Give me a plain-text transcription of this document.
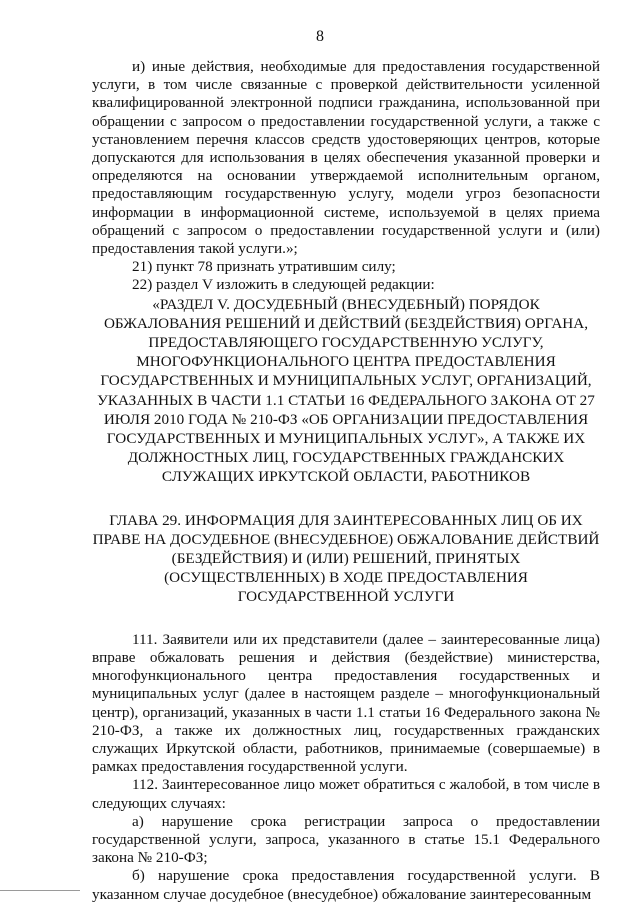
8

и) иные действия, необходимые для предоставления государственной услуги, в том числе связанные с проверкой действительности усиленной квалифицированной электронной подписи гражданина, использованной при обращении с запросом о предоставлении государственной услуги, а также с установлением перечня классов средств удостоверяющих центров, которые допускаются для использования в целях обеспечения указанной проверки и определяются на основании утверждаемой исполнительным органом, предоставляющим государственную услугу, модели угроз безопасности информации в информационной системе, используемой в целях приема обращений с запросом о предоставлении государственной услуги и (или) предоставления такой услуги.»;

21) пункт 78 признать утратившим силу;

22) раздел V изложить в следующей редакции:

«РАЗДЕЛ V. ДОСУДЕБНЫЙ (ВНЕСУДЕБНЫЙ) ПОРЯДОК ОБЖАЛОВАНИЯ РЕШЕНИЙ И ДЕЙСТВИЙ (БЕЗДЕЙСТВИЯ) ОРГАНА, ПРЕДОСТАВЛЯЮЩЕГО ГОСУДАРСТВЕННУЮ УСЛУГУ, МНОГОФУНКЦИОНАЛЬНОГО ЦЕНТРА ПРЕДОСТАВЛЕНИЯ ГОСУДАРСТВЕННЫХ И МУНИЦИПАЛЬНЫХ УСЛУГ, ОРГАНИЗАЦИЙ, УКАЗАННЫХ В ЧАСТИ 1.1 СТАТЬИ 16 ФЕДЕРАЛЬНОГО ЗАКОНА ОТ 27 ИЮЛЯ 2010 ГОДА № 210-ФЗ «ОБ ОРГАНИЗАЦИИ ПРЕДОСТАВЛЕНИЯ ГОСУДАРСТВЕННЫХ И МУНИЦИПАЛЬНЫХ УСЛУГ», А ТАКЖЕ ИХ ДОЛЖНОСТНЫХ ЛИЦ, ГОСУДАРСТВЕННЫХ ГРАЖДАНСКИХ СЛУЖАЩИХ ИРКУТСКОЙ ОБЛАСТИ, РАБОТНИКОВ

ГЛАВА 29. ИНФОРМАЦИЯ ДЛЯ ЗАИНТЕРЕСОВАННЫХ ЛИЦ ОБ ИХ ПРАВЕ НА ДОСУДЕБНОЕ (ВНЕСУДЕБНОЕ) ОБЖАЛОВАНИЕ ДЕЙСТВИЙ (БЕЗДЕЙСТВИЯ) И (ИЛИ) РЕШЕНИЙ, ПРИНЯТЫХ (ОСУЩЕСТВЛЕННЫХ) В ХОДЕ ПРЕДОСТАВЛЕНИЯ ГОСУДАРСТВЕННОЙ УСЛУГИ

111. Заявители или их представители (далее – заинтересованные лица) вправе обжаловать решения и действия (бездействие) министерства, многофункционального центра предоставления государственных и муниципальных услуг (далее в настоящем разделе – многофункциональный центр), организаций, указанных в части 1.1 статьи 16 Федерального закона № 210-ФЗ, а также их должностных лиц, государственных гражданских служащих Иркутской области, работников, принимаемые (совершаемые) в рамках предоставления государственной услуги.

112. Заинтересованное лицо может обратиться с жалобой, в том числе в следующих случаях:

а) нарушение срока регистрации запроса о предоставлении государственной услуги, запроса, указанного в статье 15.1 Федерального закона № 210-ФЗ;

б) нарушение срока предоставления государственной услуги. В указанном случае досудебное (внесудебное) обжалование заинтересованным
